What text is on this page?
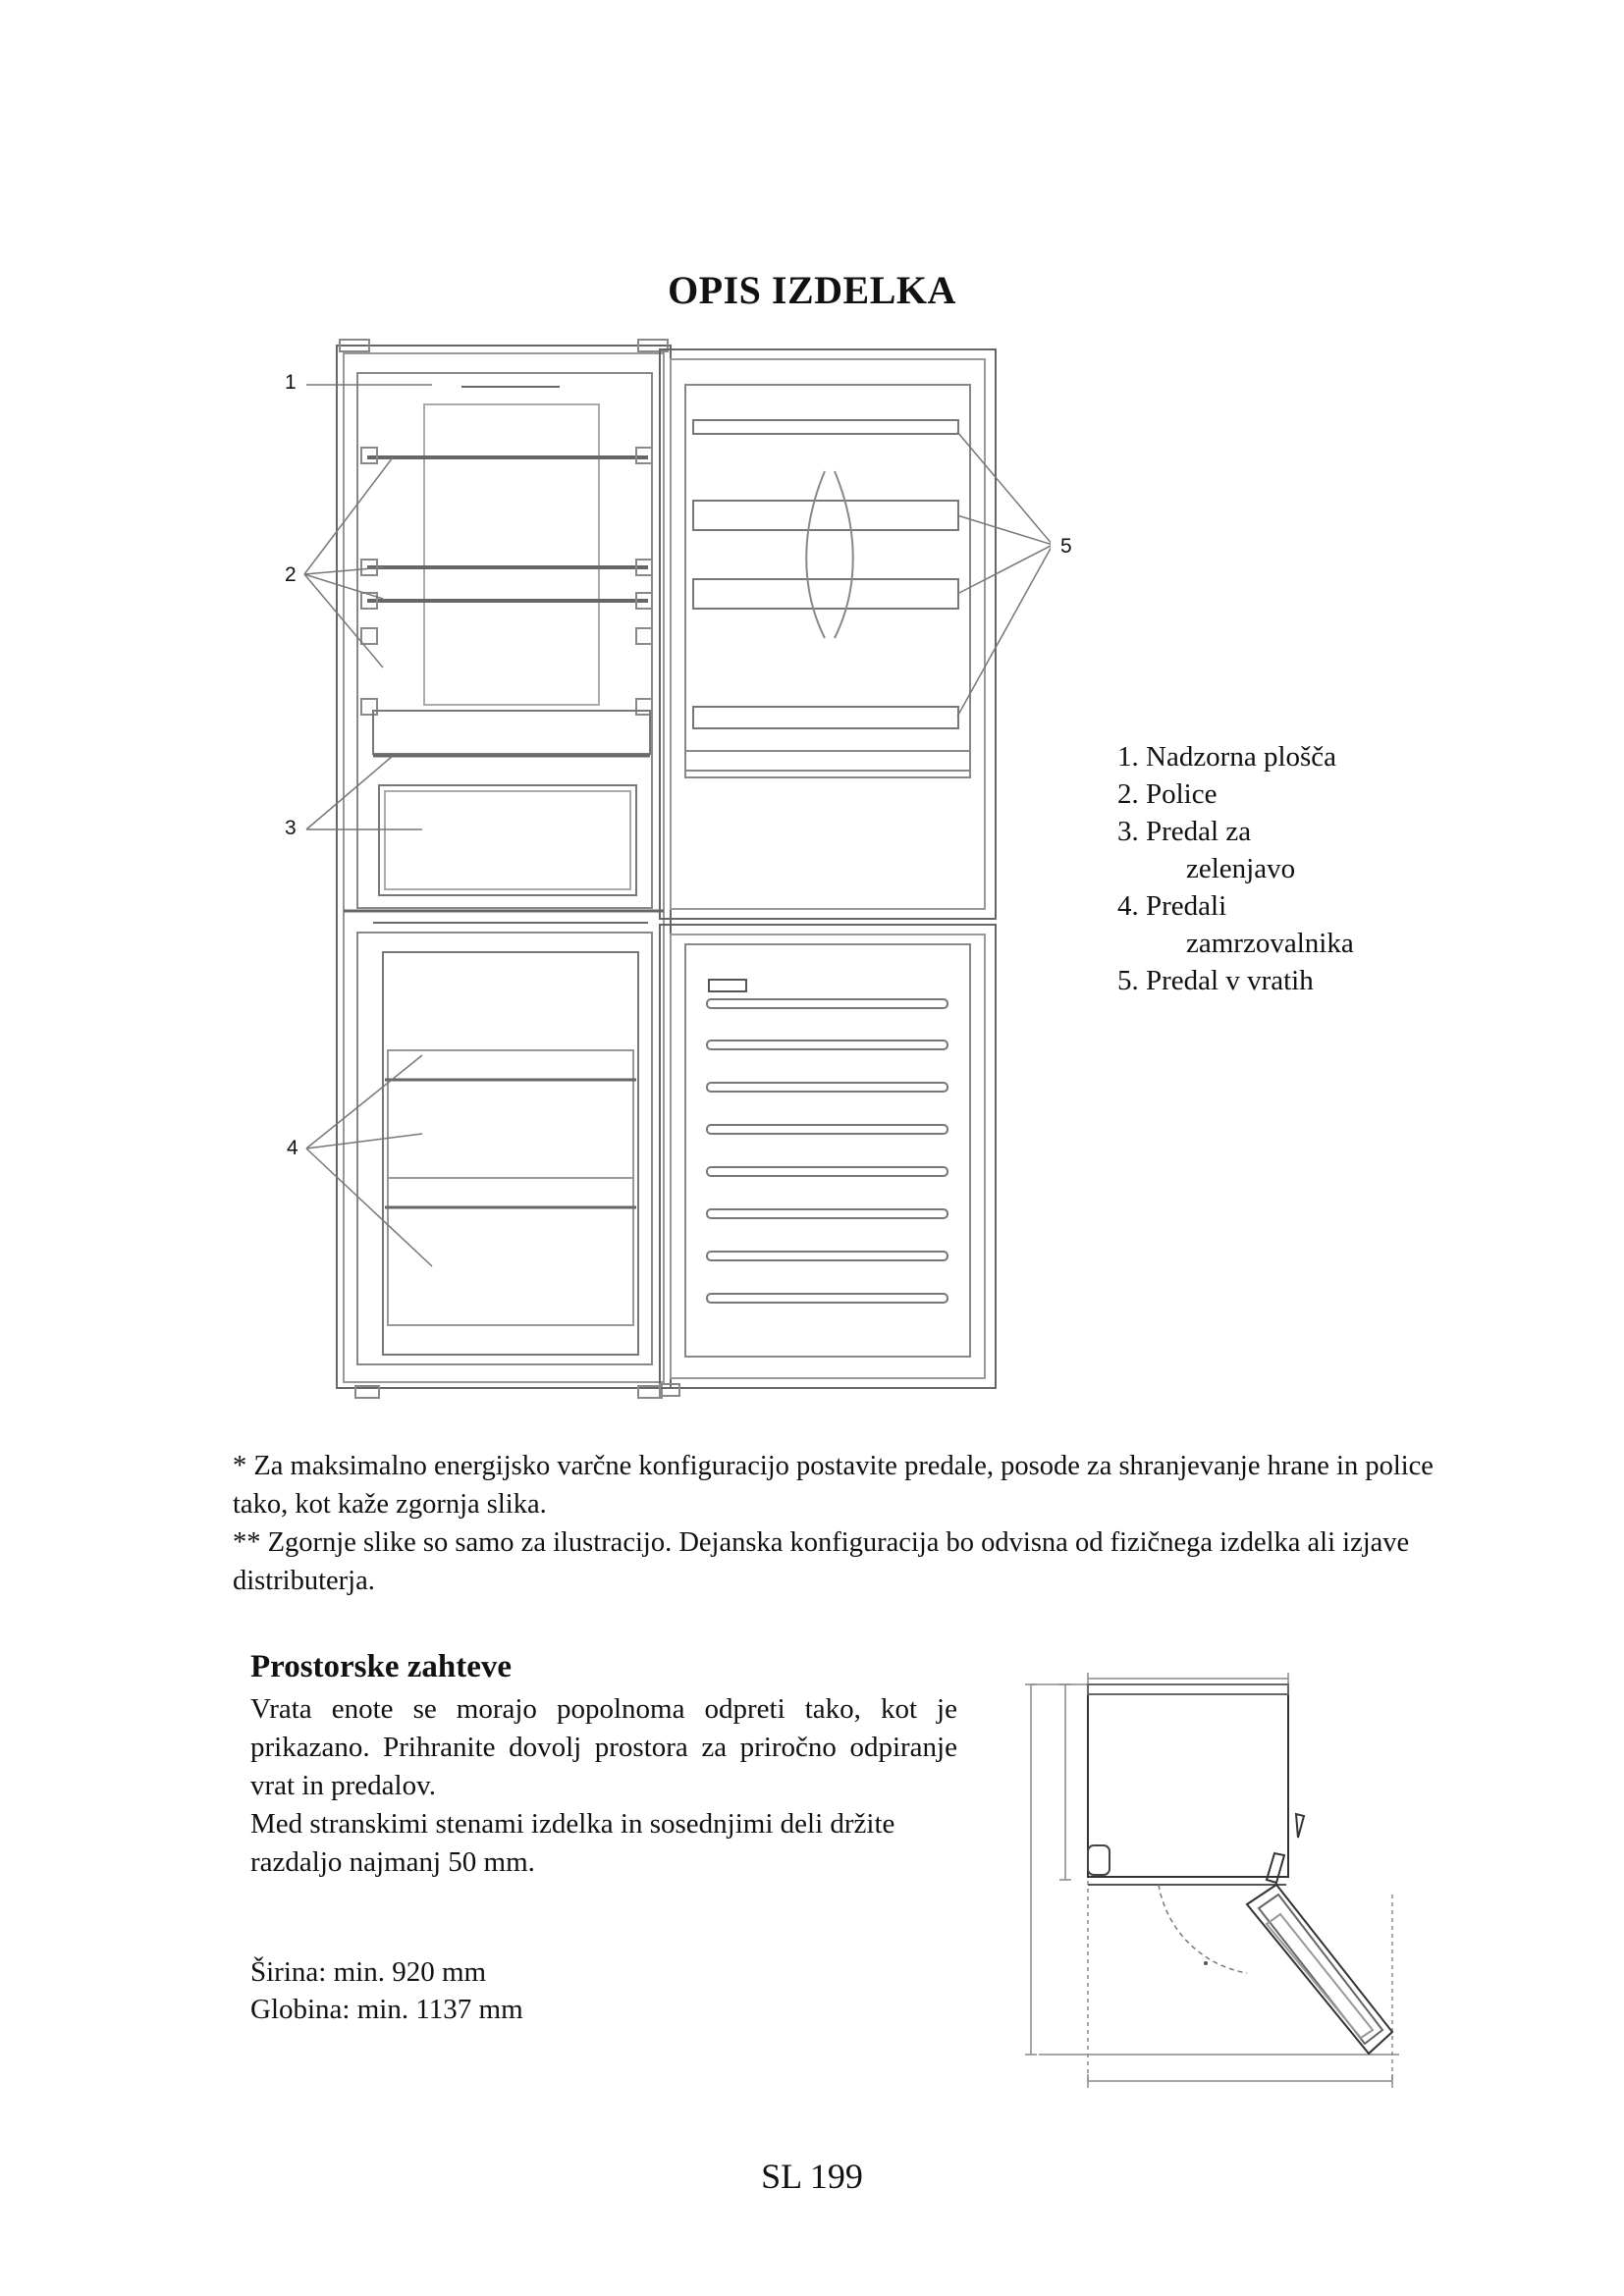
OPIS IZDELKA
1
2
3
4
5
1. Nadzorna plošča
2. Police
3. Predal za
zelenjavo
4. Predali
zamrzovalnika
5. Predal v vratih

* Za maksimalno energijsko varčne konfiguracijo postavite predale, posode za shranjevanje hrane in police tako, kot kaže zgornja slika.

** Zgornje slike so samo za ilustracijo. Dejanska konfiguracija bo odvisna od fizičnega izdelka ali izjave distributerja.

Prostorske zahteve

Vrata enote se morajo popolnoma odpreti tako, kot je prikazano. Prihranite dovolj prostora za priročno odpiranje vrat in predalov.

Med stranskimi stenami izdelka in sosednjimi deli držite razdaljo najmanj 50 mm.

Širina: min. 920 mm
Globina: min. 1137 mm
SL 199
